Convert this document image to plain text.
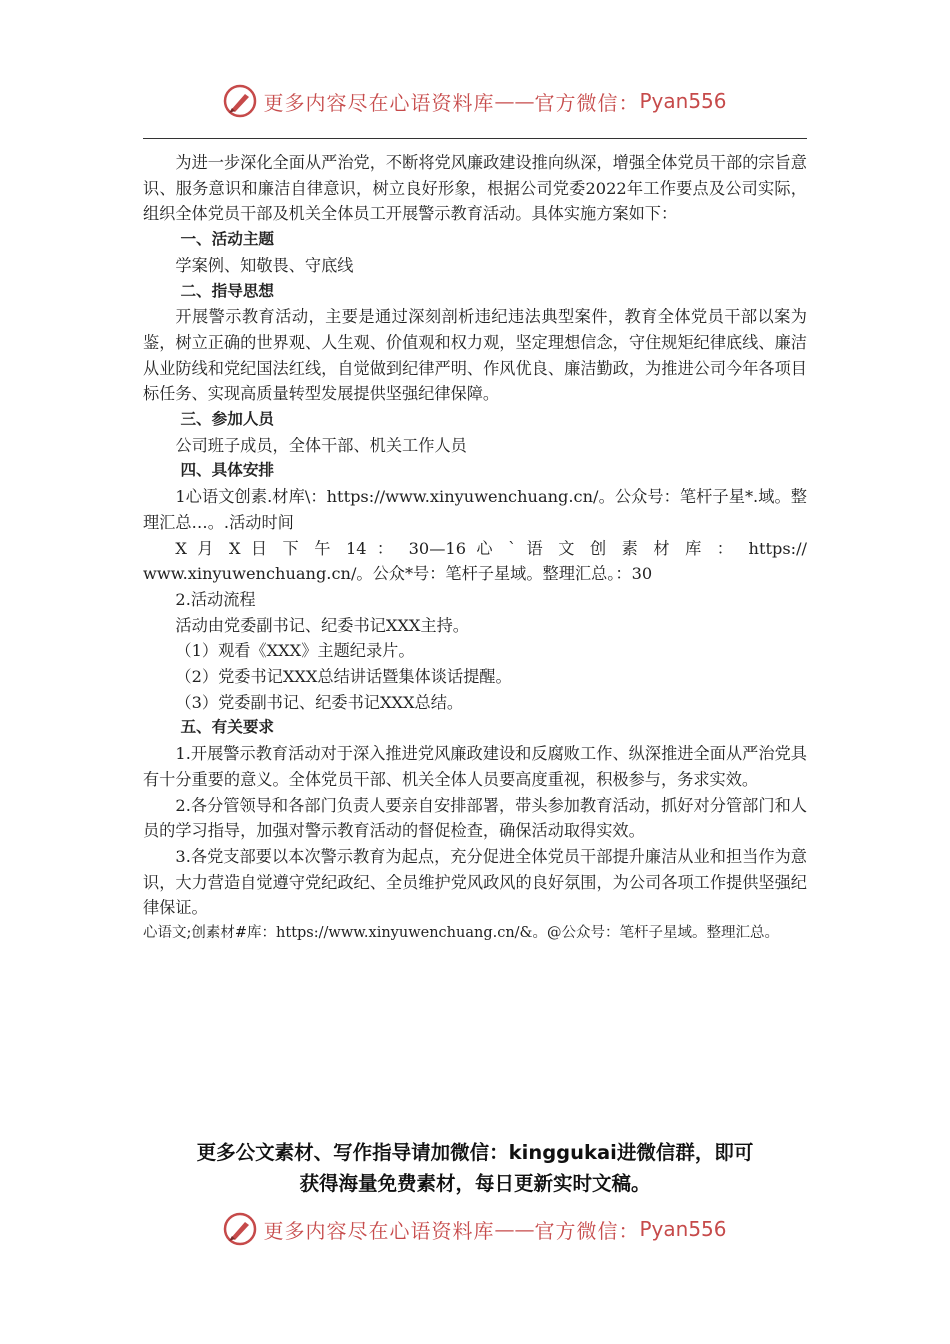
更多内容尽在心语资料库 —— 官方微信： Pyan556

为进一步深化全面从严治党，不断将党风廉政建设推向纵深，增强全体党员干部的宗旨意识、服务意识和廉洁自律意识，树立良好形象，根据公司党委2022年工作要点及公司实际，组织全体党员干部及机关全体员工开展警示教育活动。具体实施方案如下：

一、活动主题

学案例、知敬畏、守底线

二、指导思想

开展警示教育活动，主要是通过深刻剖析违纪违法典型案件，教育全体党员干部以案为鉴，树立正确的世界观、人生观、价值观和权力观，坚定理想信念，守住规矩纪律底线、廉洁从业防线和党纪国法红线，自觉做到纪律严明、作风优良、廉洁勤政，为推进公司今年各项目标任务、实现高质量转型发展提供坚强纪律保障。

三、参加人员

公司班子成员，全体干部、机关工作人员

四、具体安排

1心语文创素.材库\：https://www.xinyuwenchuang.cn/。公众号：笔杆子星*.域。整理汇总…。.活动时间

X 月 X 日 下 午 14 ： 30—16 心 ` 语 文 创 素 材 库 ： https://

www.xinyuwenchuang.cn/。公众*号：笔杆子星域。整理汇总。：30

2.活动流程

活动由党委副书记、纪委书记XXX主持。

（1）观看《XXX》主题纪录片。

（2）党委书记XXX总结讲话暨集体谈话提醒。

（3）党委副书记、纪委书记XXX总结。

五、有关要求

1.开展警示教育活动对于深入推进党风廉政建设和反腐败工作、纵深推进全面从严治党具有十分重要的意义。全体党员干部、机关全体人员要高度重视，积极参与，务求实效。

2.各分管领导和各部门负责人要亲自安排部署，带头参加教育活动，抓好对分管部门和人员的学习指导，加强对警示教育活动的督促检查，确保活动取得实效。

3.各党支部要以本次警示教育为起点，充分促进全体党员干部提升廉洁从业和担当作为意识，大力营造自觉遵守党纪政纪、全员维护党风政风的良好氛围，为公司各项工作提供坚强纪律保证。

心语文;创素材#库：https://www.xinyuwenchuang.cn/&。@公众号：笔杆子星域。整理汇总。

更多公文素材、写作指导请加微信：kinggukai进微信群，即可
获得海量免费素材，每日更新实时文稿。
更多内容尽在心语资料库 —— 官方微信： Pyan556
